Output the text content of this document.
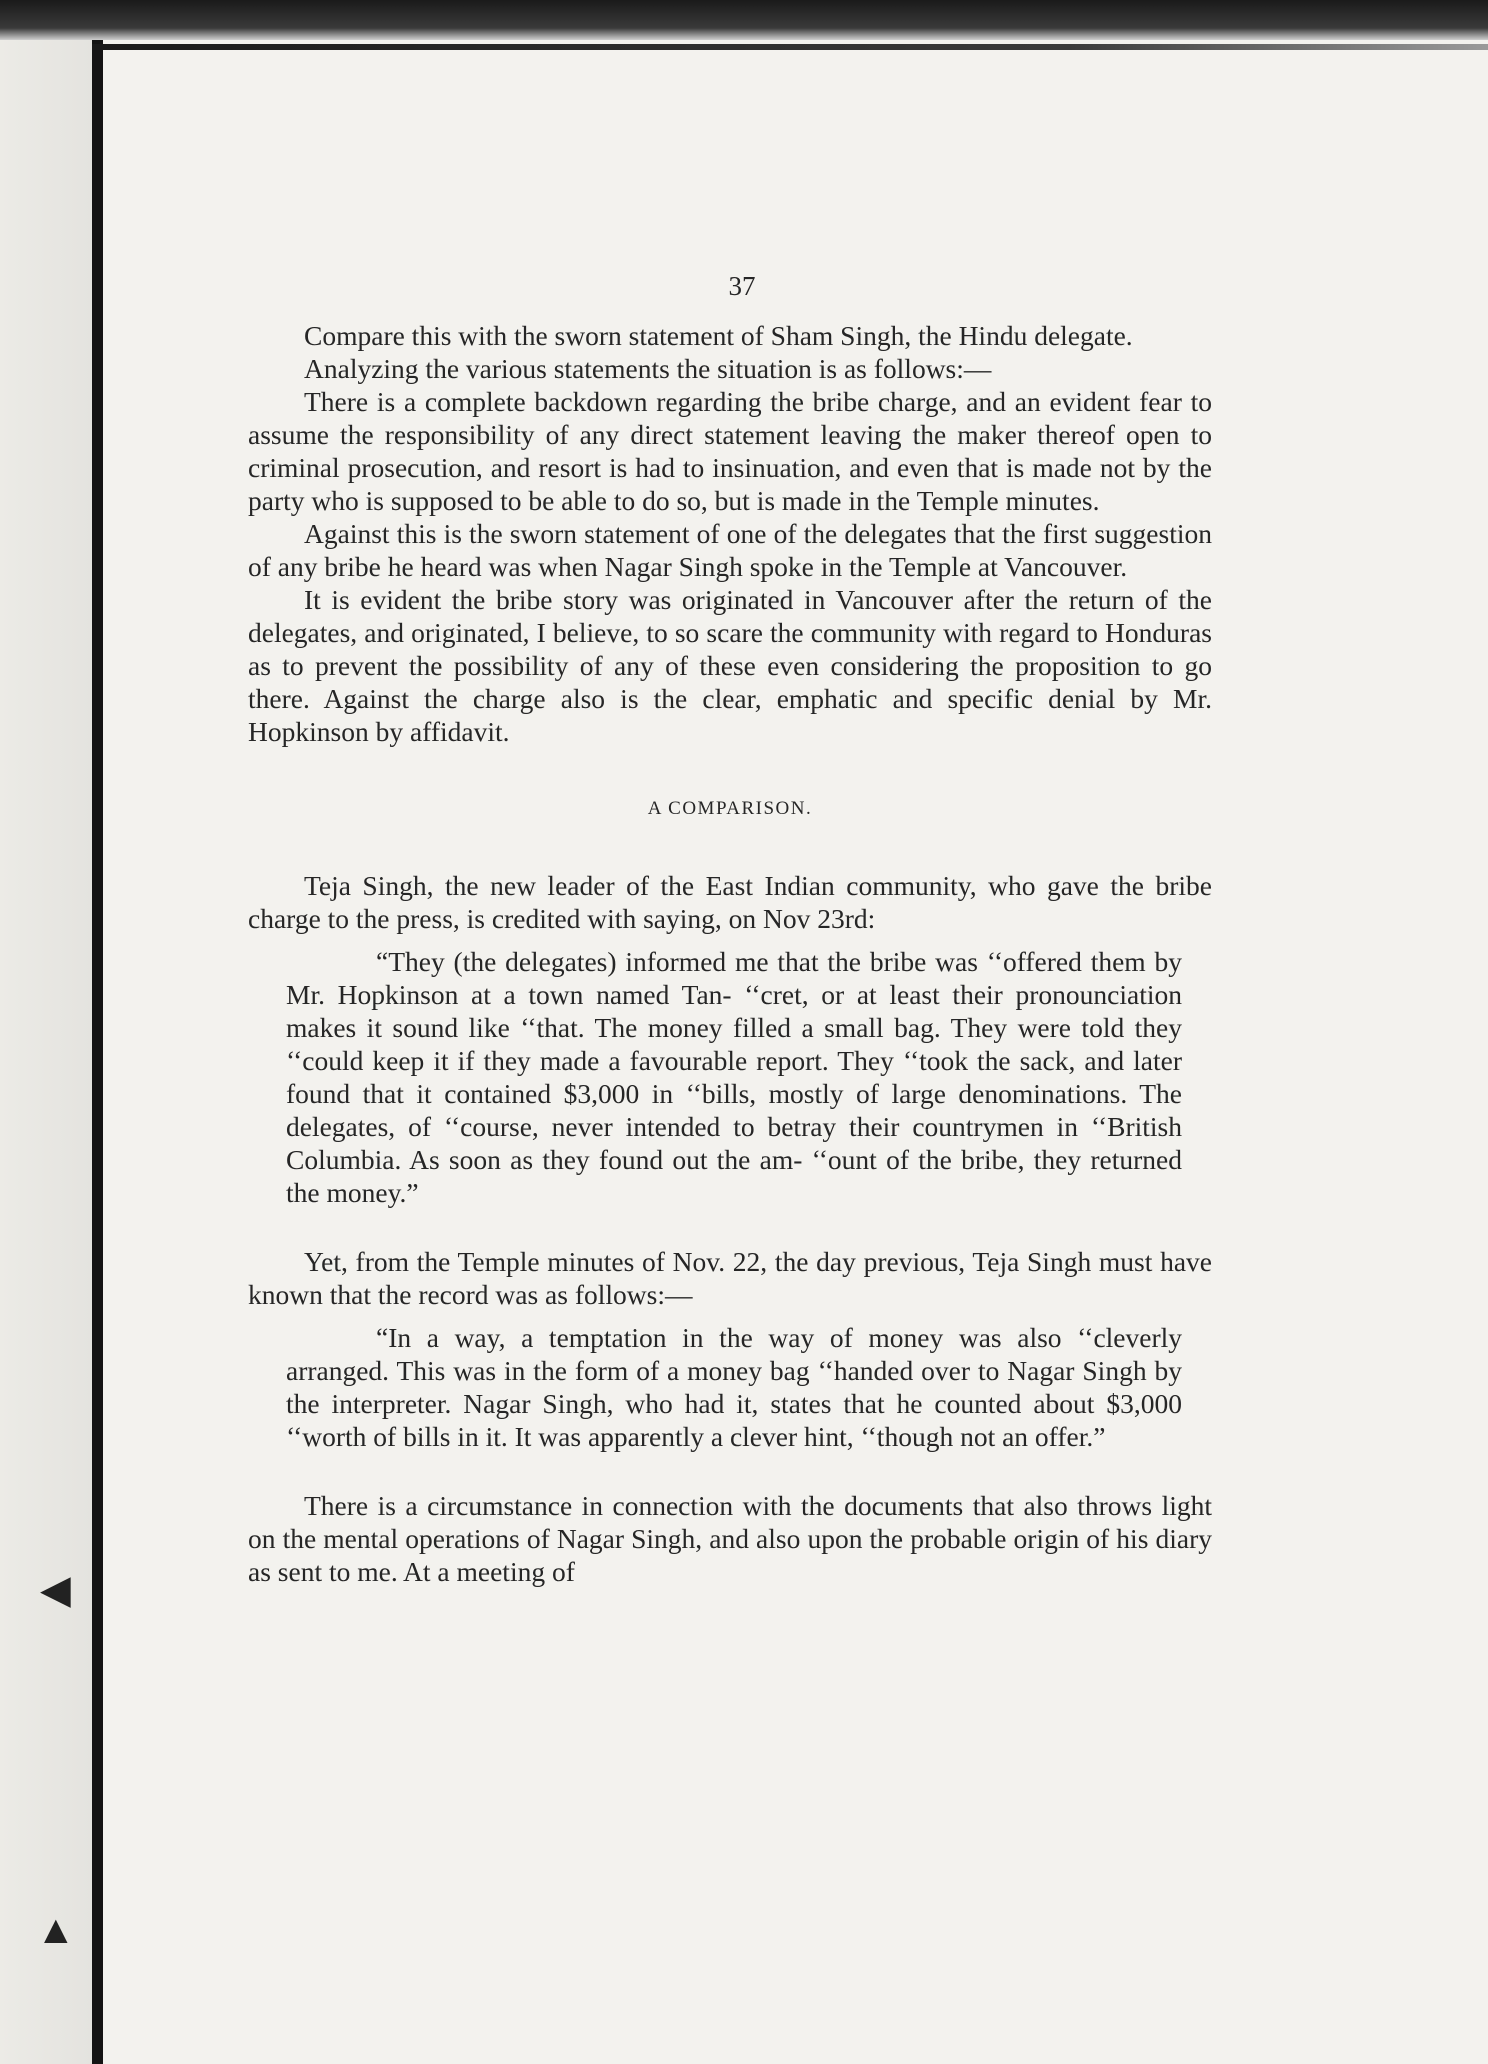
◀
▲
37

Compare this with the sworn statement of Sham Singh, the Hindu delegate.

Analyzing the various statements the situation is as follows:—

There is a complete backdown regarding the bribe charge, and an evident fear to assume the responsibility of any direct statement leaving the maker thereof open to criminal prosecution, and resort is had to insinuation, and even that is made not by the party who is supposed to be able to do so, but is made in the Temple minutes.

Against this is the sworn statement of one of the delegates that the first suggestion of any bribe he heard was when Nagar Singh spoke in the Temple at Vancouver.

It is evident the bribe story was originated in Vancouver after the return of the delegates, and originated, I believe, to so scare the community with regard to Honduras as to prevent the possibility of any of these even considering the proposition to go there. Against the charge also is the clear, emphatic and specific denial by Mr. Hopkinson by affidavit.

A COMPARISON.

Teja Singh, the new leader of the East Indian community, who gave the bribe charge to the press, is credited with saying, on Nov 23rd:

“They (the delegates) informed me that the bribe was ‘‘offered them by Mr. Hopkinson at a town named Tan- ‘‘cret, or at least their pronounciation makes it sound like ‘‘that. The money filled a small bag. They were told they ‘‘could keep it if they made a favourable report. They ‘‘took the sack, and later found that it contained $3,000 in ‘‘bills, mostly of large denominations. The delegates, of ‘‘course, never intended to betray their countrymen in ‘‘British Columbia. As soon as they found out the am- ‘‘ount of the bribe, they returned the money.”

Yet, from the Temple minutes of Nov. 22, the day previous, Teja Singh must have known that the record was as follows:—

“In a way, a temptation in the way of money was also ‘‘cleverly arranged. This was in the form of a money bag ‘‘handed over to Nagar Singh by the interpreter. Nagar Singh, who had it, states that he counted about $3,000 ‘‘worth of bills in it. It was apparently a clever hint, ‘‘though not an offer.”

There is a circumstance in connection with the documents that also throws light on the mental operations of Nagar Singh, and also upon the probable origin of his diary as sent to me. At a meeting of
